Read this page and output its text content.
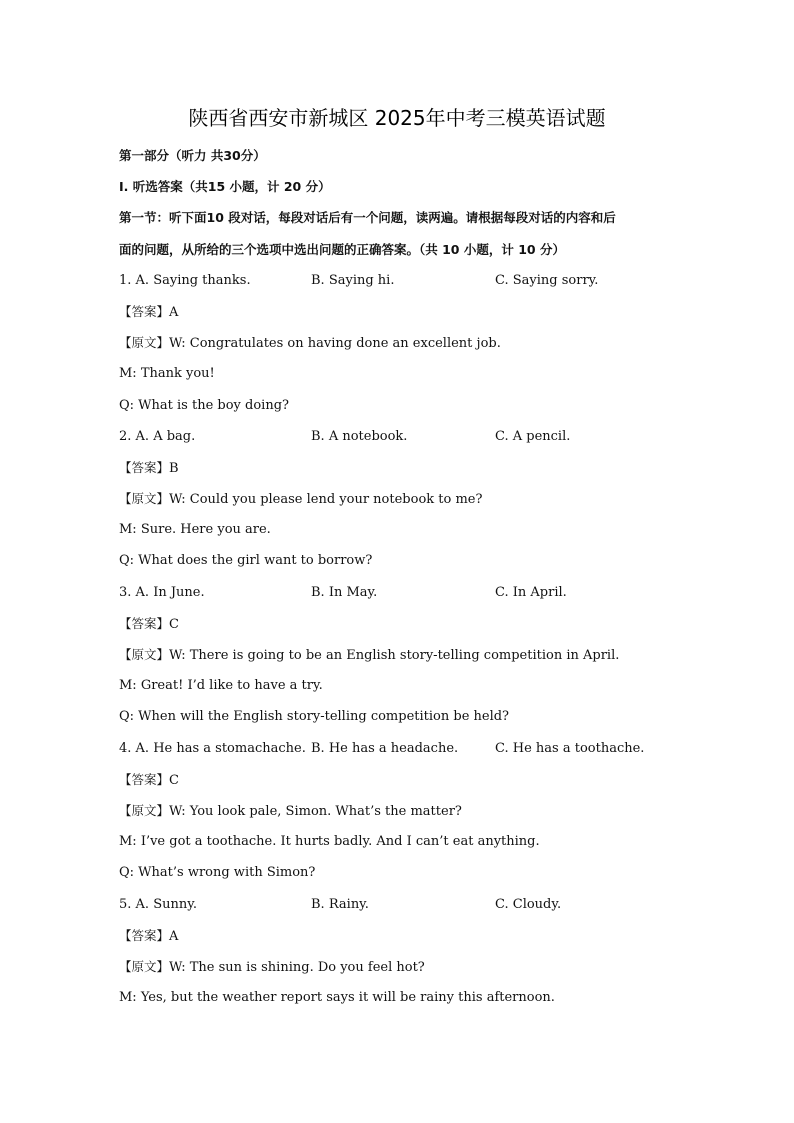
陕西省西安市新城区 2025年中考三模英语试题
第一部分（听力 共30分）
Ⅰ. 听选答案（共15 小题，计 20 分）
第一节：听下面10 段对话，每段对话后有一个问题，读两遍。请根据每段对话的内容和后
面的问题，从所给的三个选项中选出问题的正确答案。（共 10 小题，计 10 分）
1. A. Saying thanks.	B. Saying hi.	C. Saying sorry.
【答案】A
【原文】W: Congratulates on having done an excellent job.
M: Thank you!
Q: What is the boy doing?
2. A. A bag.	B. A notebook.	C. A pencil.
【答案】B
【原文】W: Could you please lend your notebook to me?
M: Sure. Here you are.
Q: What does the girl want to borrow?
3. A. In June.	B. In May.	C. In April.
【答案】C
【原文】W: There is going to be an English story-telling competition in April.
M: Great! I’d like to have a try.
Q: When will the English story-telling competition be held?
4. A. He has a stomachache. B. He has a headache.	C. He has a toothache.
【答案】C
【原文】W: You look pale, Simon. What’s the matter?
M: I’ve got a toothache. It hurts badly. And I can’t eat anything.
Q: What’s wrong with Simon?
5. A. Sunny.	B. Rainy.	C. Cloudy.
【答案】A
【原文】W: The sun is shining. Do you feel hot?
M: Yes, but the weather report says it will be rainy this afternoon.
